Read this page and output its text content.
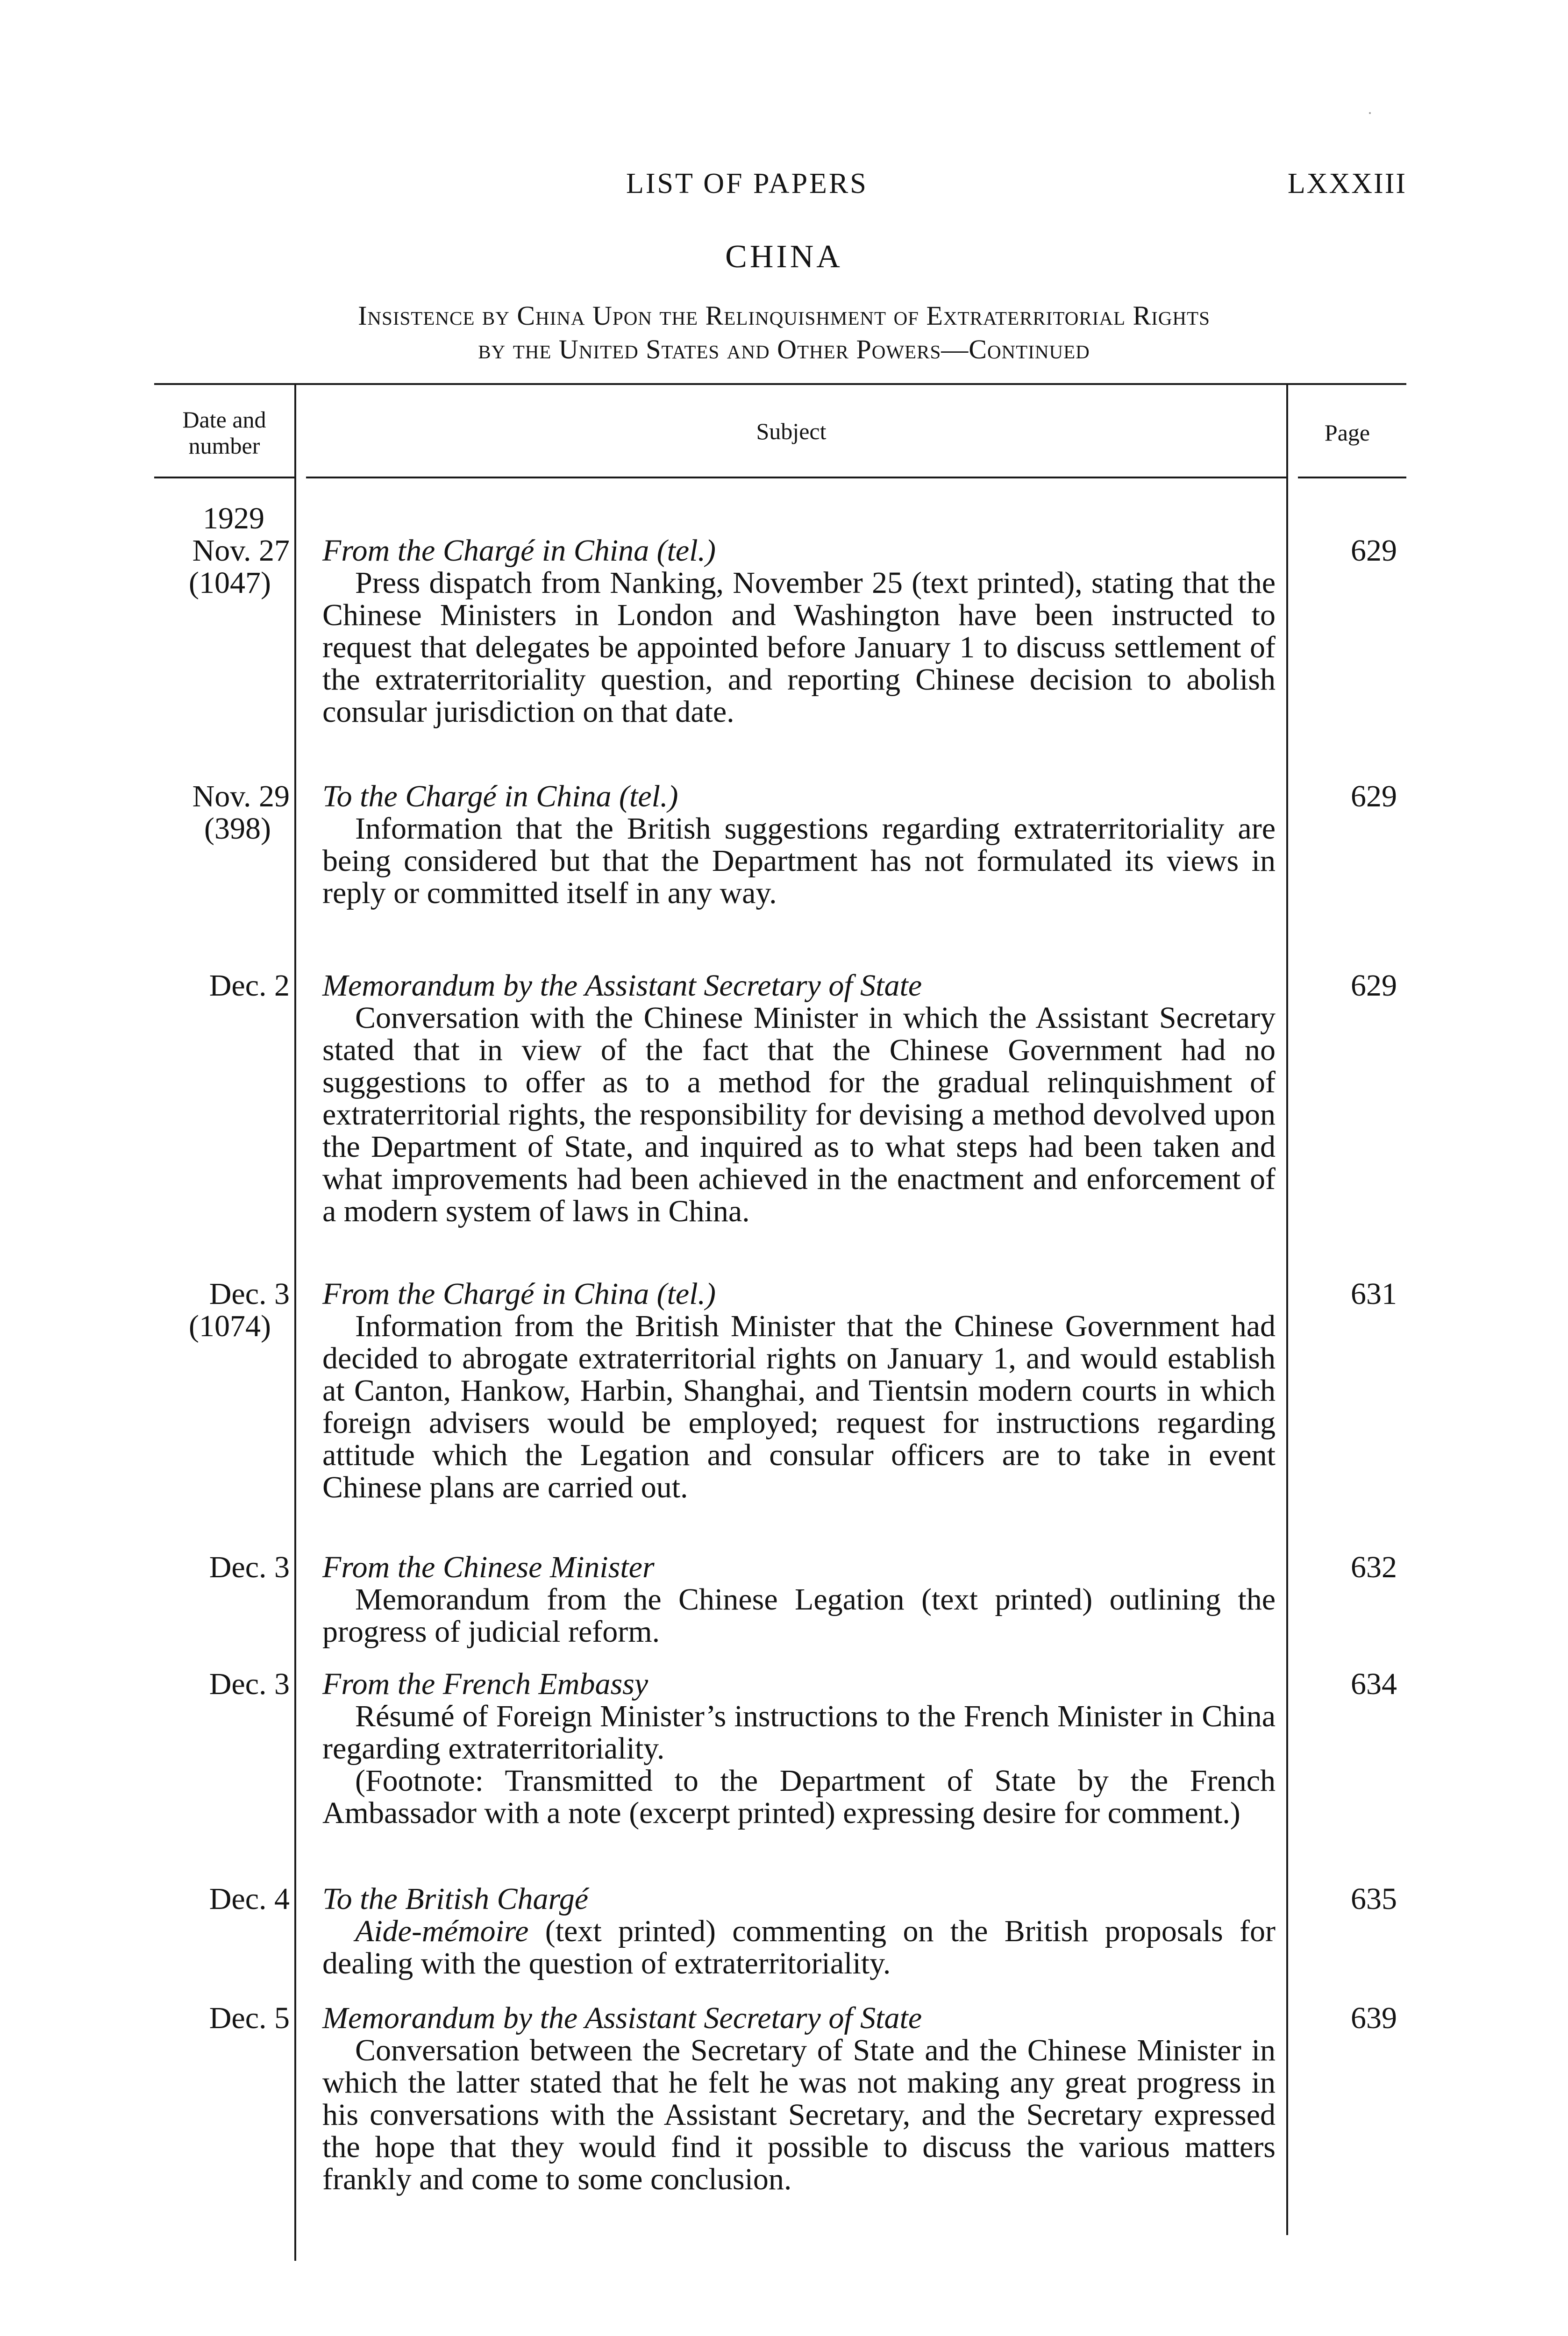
LIST OF PAPERS	LXXXIII
CHINA
Insistence by China Upon the Relinquishment of Extraterritorial Rights
by the United States and Other Powers—Continued
Date and number
Subject	Page
1929
Nov. 27
(1047)
From the Chargé in China (tel.)

Press dispatch from Nanking, November 25 (text printed), stating that the Chinese Ministers in London and Washington have been instructed to request that delegates be appointed before January 1 to discuss settlement of the extraterritoriality question, and reporting Chinese decision to abolish consular jurisdiction on that date.

629
Nov. 29
(398)
To the Chargé in China (tel.)

Information that the British suggestions regarding extraterritoriality are being considered but that the Department has not formulated its views in reply or committed itself in any way.

629
Dec. 2 Memorandum by the Assistant Secretary of State

Conversation with the Chinese Minister in which the Assistant Secretary stated that in view of the fact that the Chinese Government had no suggestions to offer as to a method for the gradual relinquishment of extraterritorial rights, the responsibility for devising a method devolved upon the Department of State, and inquired as to what steps had been taken and what improvements had been achieved in the enactment and enforcement of a modern system of laws in China.

629
Dec. 3
(1074)
From the Chargé in China (tel.)

Information from the British Minister that the Chinese Government had decided to abrogate extraterritorial rights on January 1, and would establish at Canton, Hankow, Harbin, Shanghai, and Tientsin modern courts in which foreign advisers would be employed; request for instructions regarding attitude which the Legation and consular officers are to take in event Chinese plans are carried out.

631
Dec. 3 From the Chinese Minister

Memorandum from the Chinese Legation (text printed) outlining the progress of judicial reform.

632
Dec. 3 From the French Embassy

Résumé of Foreign Minister’s instructions to the French Minister in China regarding extraterritoriality.

(Footnote: Transmitted to the Department of State by the French Ambassador with a note (excerpt printed) expressing desire for comment.)

634
Dec. 4 To the British Chargé

Aide-mémoire (text printed) commenting on the British proposals for dealing with the question of extraterritoriality.

635
Dec. 5 Memorandum by the Assistant Secretary of State

Conversation between the Secretary of State and the Chinese Minister in which the latter stated that he felt he was not making any great progress in his conversations with the Assistant Secretary, and the Secretary expressed the hope that they would find it possible to discuss the various matters frankly and come to some conclusion.

639
